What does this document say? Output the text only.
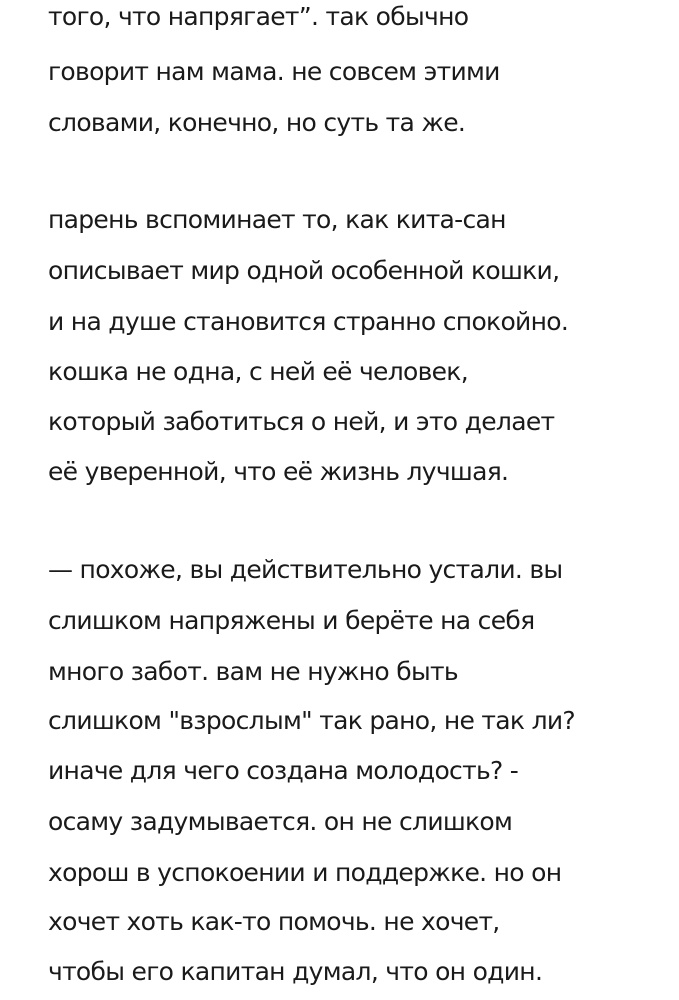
того, что напрягает”. так обычно
говорит нам мама. не совсем этими
словами, конечно, но суть та же.
парень вспоминает то, как кита-сан
описывает мир одной особенной кошки,
и на душе становится странно спокойно.
кошка не одна, с ней её человек,
который заботиться о ней, и это делает
её уверенной, что её жизнь лучшая.
— похоже, вы действительно устали. вы
слишком напряжены и берёте на себя
много забот. вам не нужно быть
слишком "взрослым" так рано, не так ли?
иначе для чего создана молодость? -
осаму задумывается. он не слишком
хорош в успокоении и поддержке. но он
хочет хоть как-то помочь. не хочет,
чтобы его капитан думал, что он один.
